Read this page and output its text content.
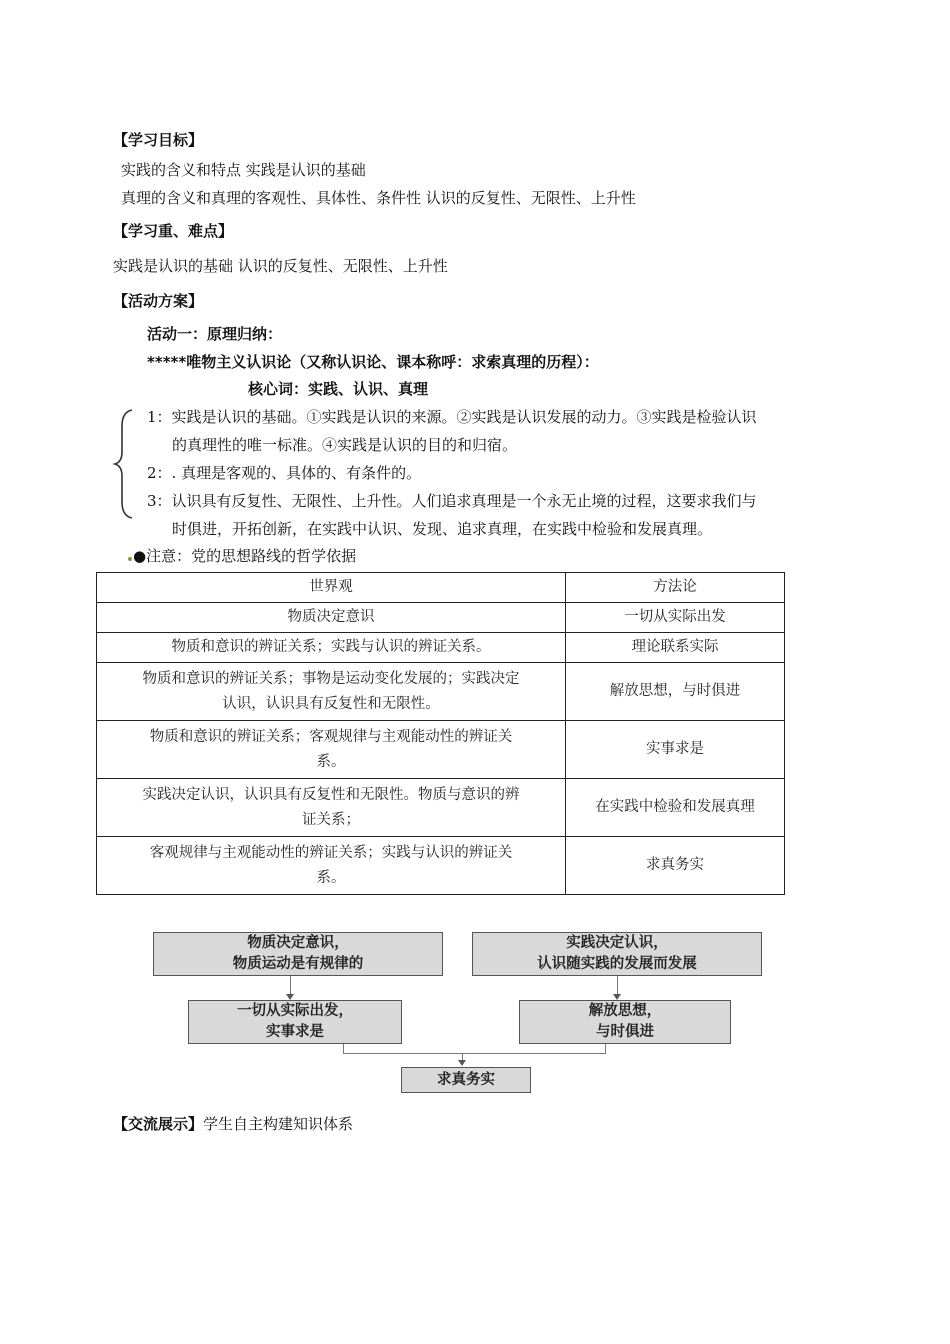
【学习目标】
实践的含义和特点 实践是认识的基础
真理的含义和真理的客观性、具体性、条件性 认识的反复性、无限性、上升性
【学习重、难点】
实践是认识的基础 认识的反复性、无限性、上升性
【活动方案】
活动一：原理归纳：
*****唯物主义认识论（又称认识论、课本称呼：求索真理的历程）：
核心词：实践、认识、真理
1：实践是认识的基础。①实践是认识的来源。②实践是认识发展的动力。③实践是检验认识
的真理性的唯一标准。④实践是认识的目的和归宿。
2：. 真理是客观的、具体的、有条件的。
3：认识具有反复性、无限性、上升性。人们追求真理是一个永无止境的过程，这要求我们与
时俱进，开拓创新，在实践中认识、发现、追求真理，在实践中检验和发展真理。
●注意：党的思想路线的哲学依据
世界观	方法论
物质决定意识	一切从实际出发
物质和意识的辨证关系；实践与认识的辨证关系。	理论联系实际
物质和意识的辨证关系；事物是运动变化发展的；实践决定
认识，认识具有反复性和无限性。	解放思想，与时俱进
物质和意识的辨证关系；客观规律与主观能动性的辨证关
系。	实事求是
实践决定认识，认识具有反复性和无限性。物质与意识的辨
证关系；	在实践中检验和发展真理
客观规律与主观能动性的辨证关系；实践与认识的辨证关
系。	求真务实
物质决定意识，
物质运动是有规律的
实践决定认识，
认识随实践的发展而发展
一切从实际出发，
实事求是
解放思想，
与时俱进
求真务实
【交流展示】学生自主构建知识体系
